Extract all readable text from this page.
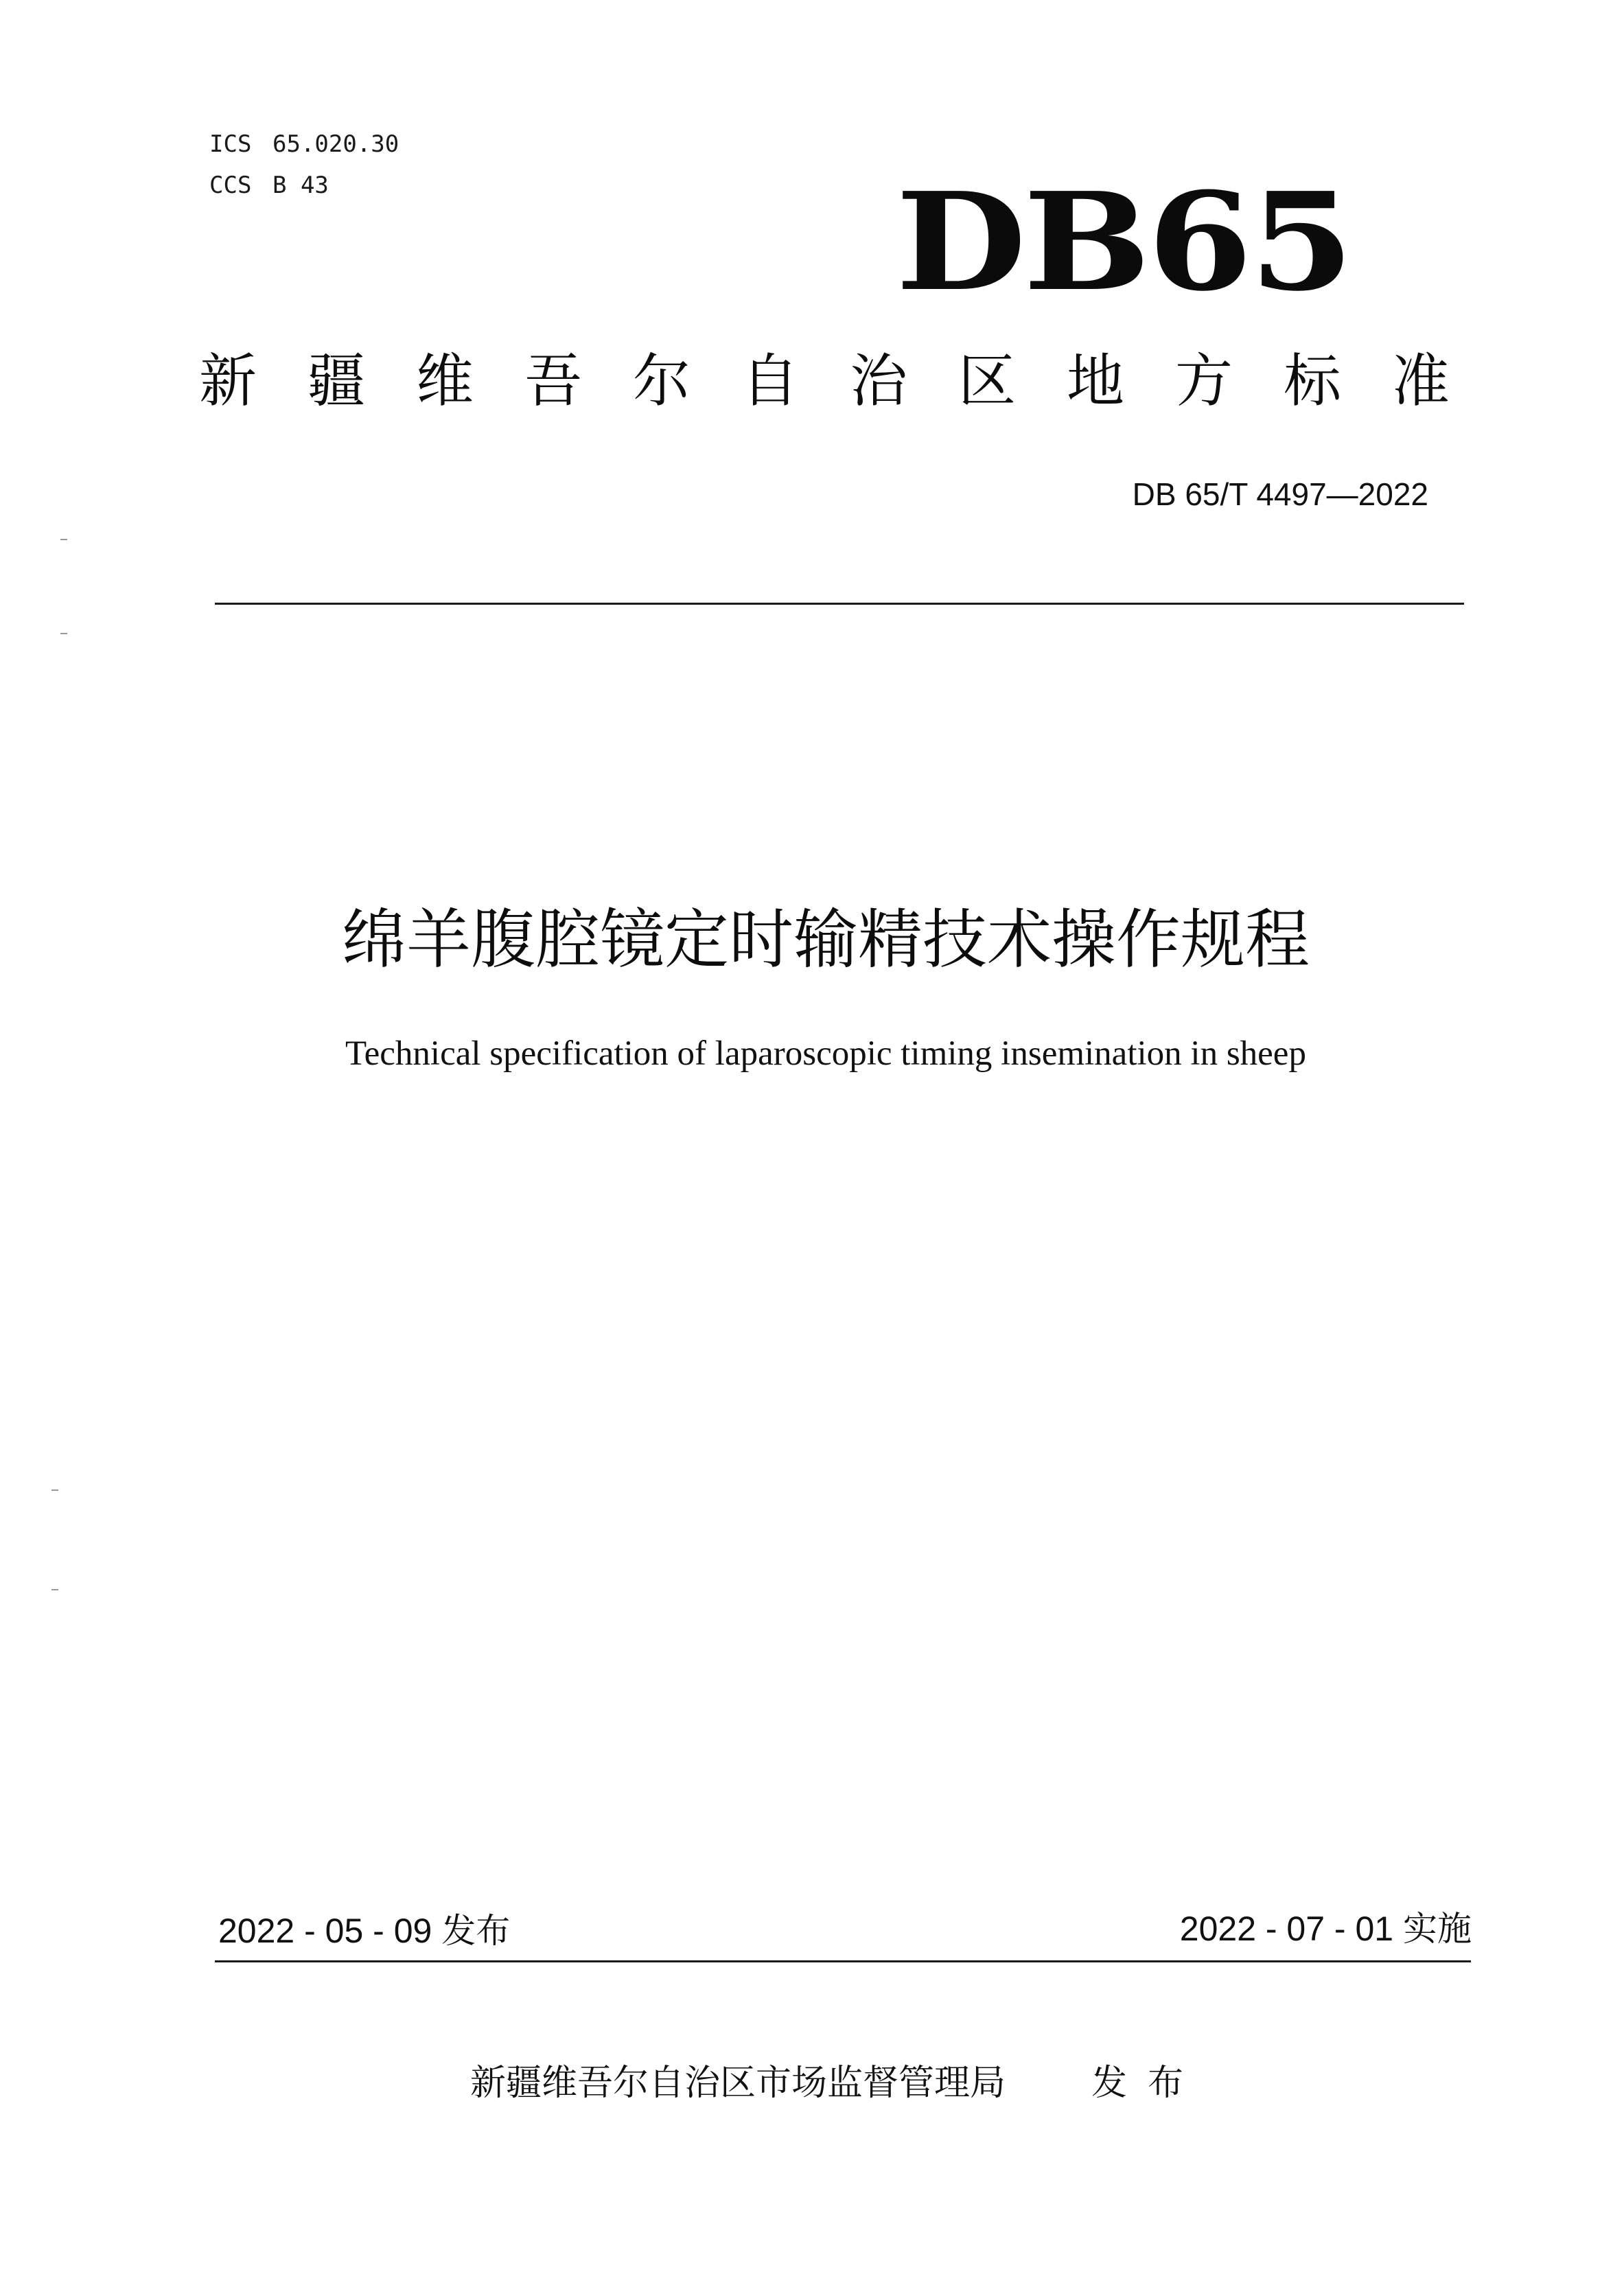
ICS 65.020.30
CCS B 43	DB65
新疆维吾尔自治区地方标准
DB 65/T 4497—2022
绵羊腹腔镜定时输精技术操作规程
Technical specification of laparoscopic timing insemination in sheep
2022 - 05 - 09 发布	2022 - 07 - 01 实施
新疆维吾尔自治区市场监督管理局 发布
